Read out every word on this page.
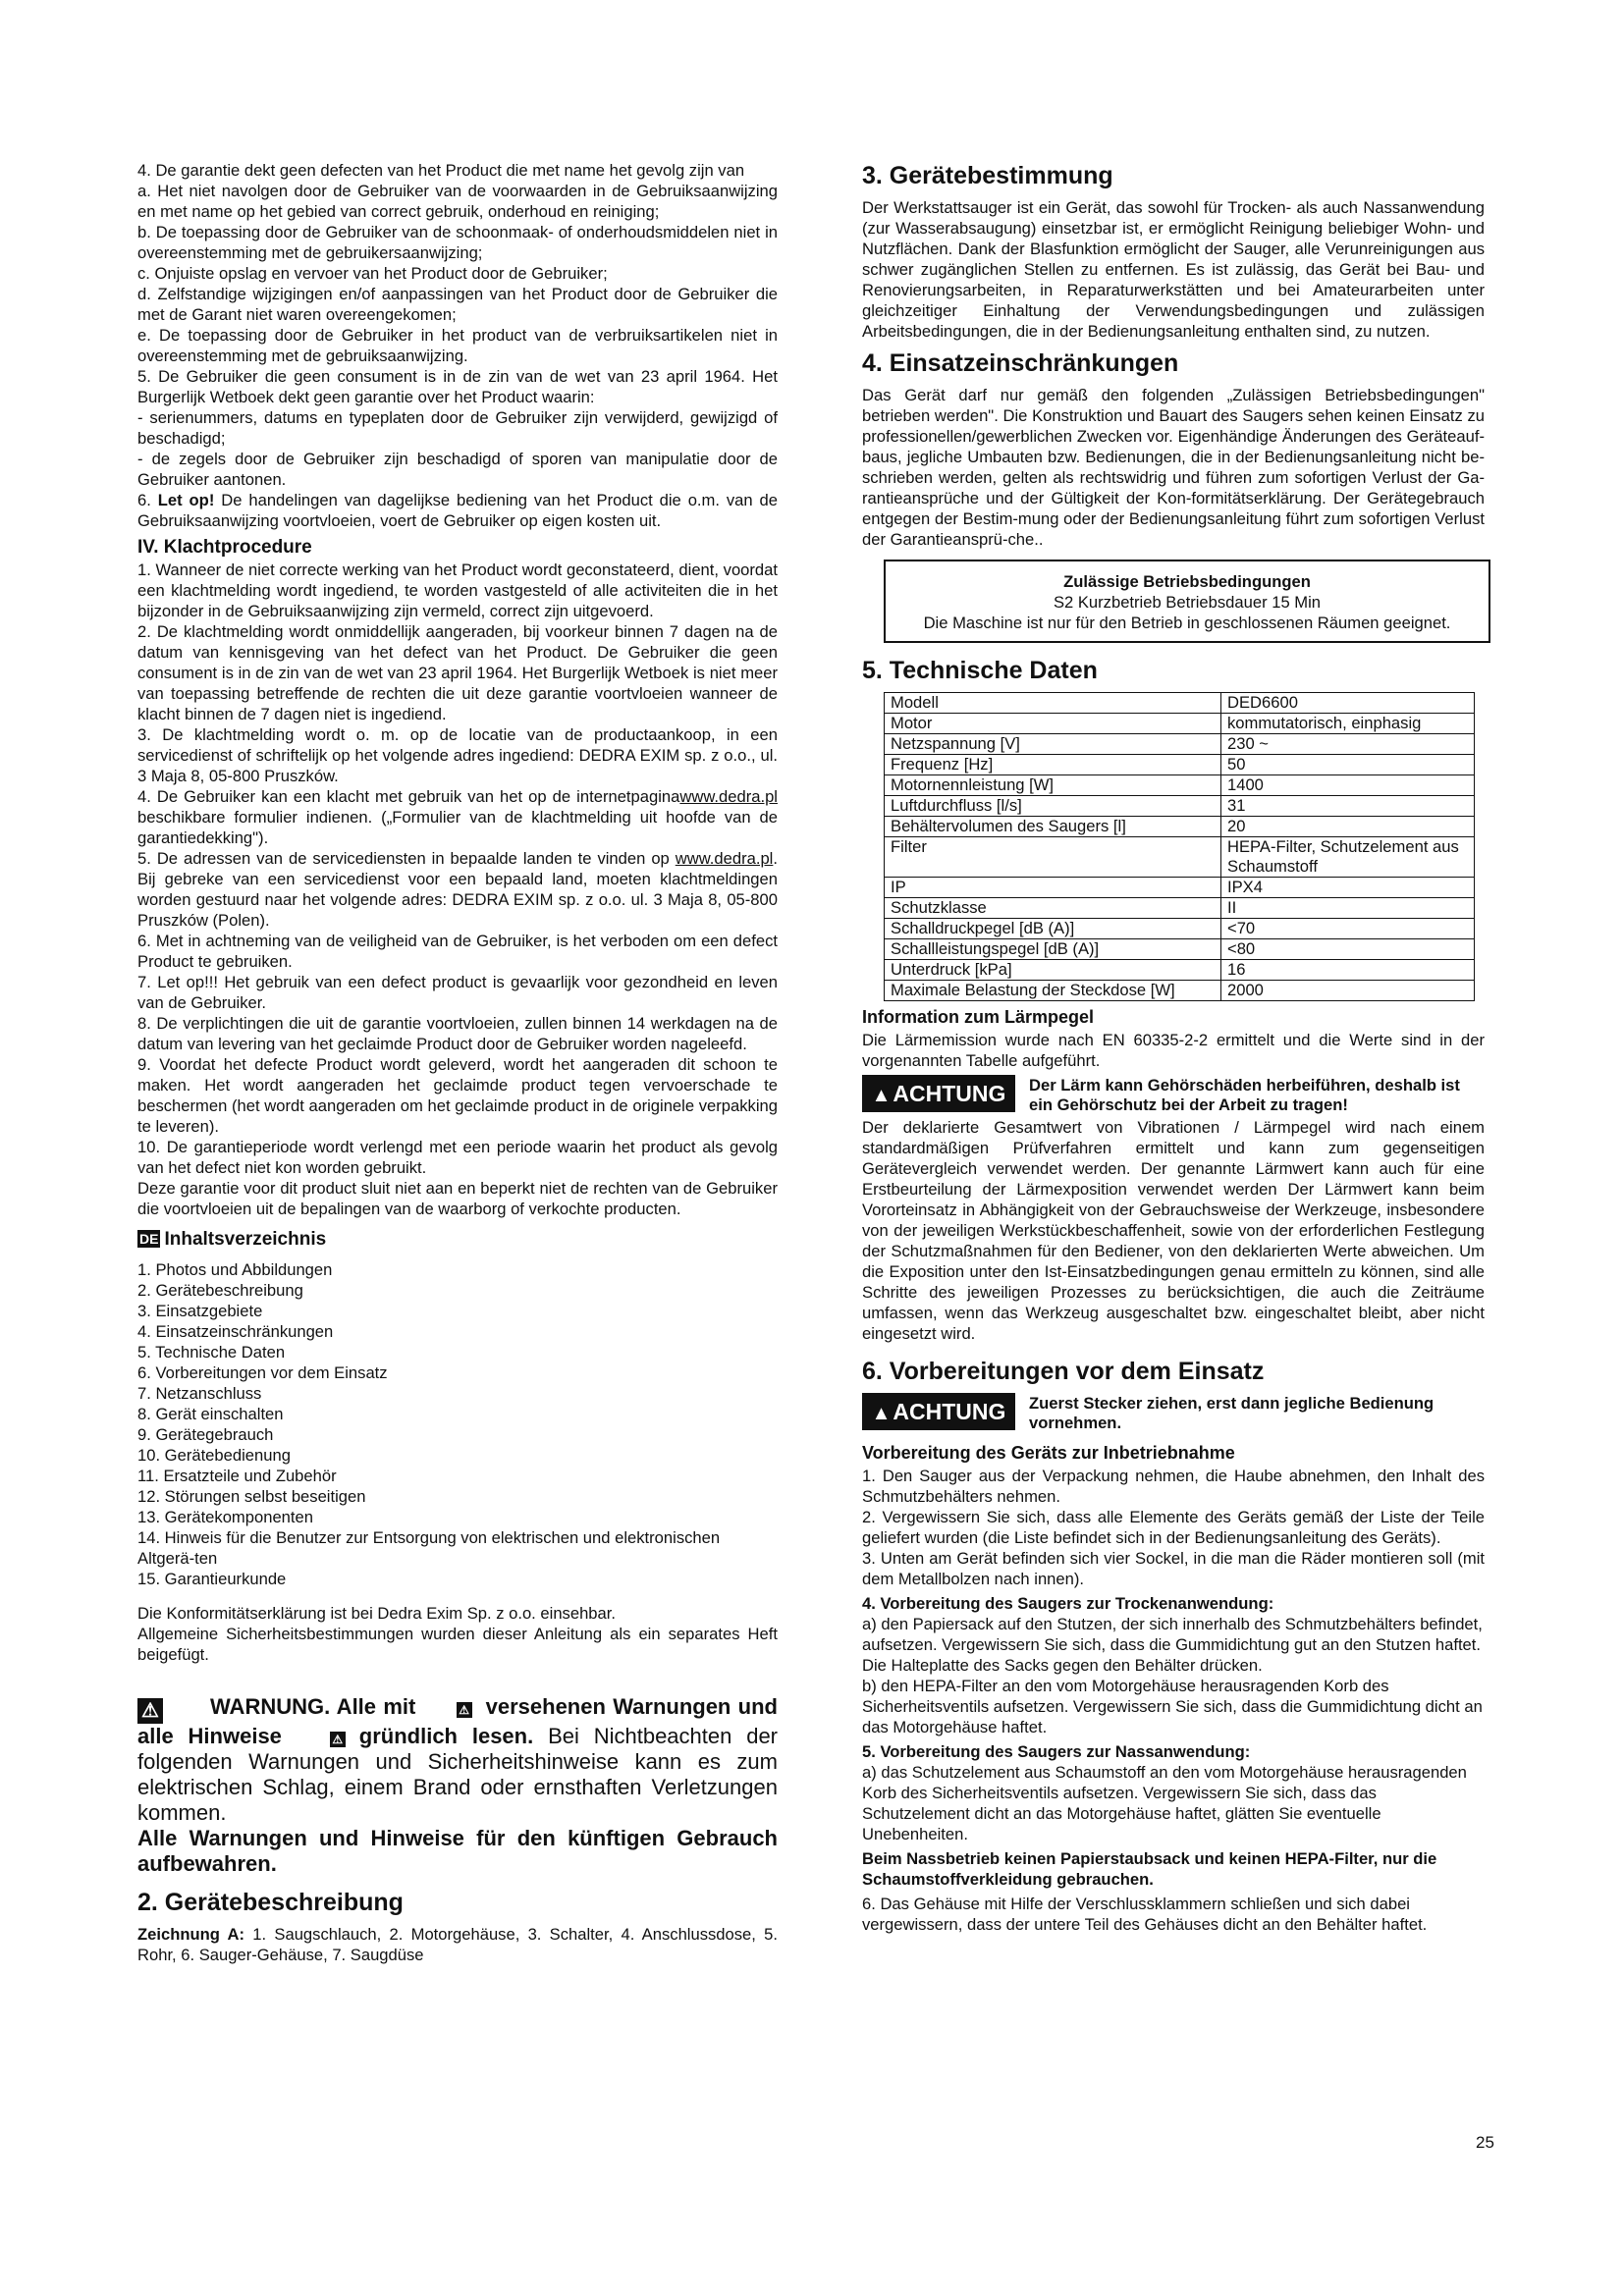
4. De garantie dekt geen defecten van het Product die met name het gevolg zijn van

a. Het niet navolgen door de Gebruiker van de voorwaarden in de Gebruiksaanwijzing en met name op het gebied van correct gebruik, onderhoud en reiniging;

b. De toepassing door de Gebruiker van de schoonmaak- of onderhoudsmiddelen niet in overeenstemming met de gebruikersaanwijzing;

c. Onjuiste opslag en vervoer van het Product door de Gebruiker;

d. Zelfstandige wijzigingen en/of aanpassingen van het Product door de Gebruiker die met de Garant niet waren overeengekomen;

e. De toepassing door de Gebruiker in het product van de verbruiksartikelen niet in overeenstemming met de gebruiksaanwijzing.

5. De Gebruiker die geen consument is in de zin van de wet van 23 april 1964. Het Burgerlijk Wetboek dekt geen garantie over het Product waarin:

- serienummers, datums en typeplaten door de Gebruiker zijn verwijderd, gewijzigd of beschadigd;

- de zegels door de Gebruiker zijn beschadigd of sporen van manipulatie door de Gebruiker aantonen.

6. Let op! De handelingen van dagelijkse bediening van het Product die o.m. van de Gebruiksaanwijzing voortvloeien, voert de Gebruiker op eigen kosten uit.

IV. Klachtprocedure

1. Wanneer de niet correcte werking van het Product wordt geconstateerd, dient, voordat een klachtmelding wordt ingediend, te worden vastgesteld of alle activiteiten die in het bijzonder in de Gebruiksaanwijzing zijn vermeld, correct zijn uitgevoerd.

2. De klachtmelding wordt onmiddellijk aangeraden, bij voorkeur binnen 7 dagen na de datum van kennisgeving van het defect van het Product. De Gebruiker die geen consument is in de zin van de wet van 23 april 1964. Het Burgerlijk Wetboek is niet meer van toepassing betreffende de rechten die uit deze garantie voortvloeien wanneer de klacht binnen de 7 dagen niet is ingediend.

3. De klachtmelding wordt o. m. op de locatie van de productaankoop, in een servicedienst of schriftelijk op het volgende adres ingediend: DEDRA EXIM sp. z o.o., ul. 3 Maja 8, 05-800 Pruszków.

4. De Gebruiker kan een klacht met gebruik van het op de internetpaginawww.dedra.pl beschikbare formulier indienen. („Formulier van de klachtmelding uit hoofde van de garantiedekking").

5. De adressen van de servicediensten in bepaalde landen te vinden op www.dedra.pl. Bij gebreke van een servicedienst voor een bepaald land, moeten klachtmeldingen worden gestuurd naar het volgende adres: DEDRA EXIM sp. z o.o. ul. 3 Maja 8, 05-800 Pruszków (Polen).

6. Met in achtneming van de veiligheid van de Gebruiker, is het verboden om een defect Product te gebruiken.

7. Let op!!! Het gebruik van een defect product is gevaarlijk voor gezondheid en leven van de Gebruiker.

8. De verplichtingen die uit de garantie voortvloeien, zullen binnen 14 werkdagen na de datum van levering van het geclaimde Product door de Gebruiker worden nageleefd.

9. Voordat het defecte Product wordt geleverd, wordt het aangeraden dit schoon te maken. Het wordt aangeraden het geclaimde product tegen vervoerschade te beschermen (het wordt aangeraden om het geclaimde product in de originele verpakking te leveren).

10. De garantieperiode wordt verlengd met een periode waarin het product als gevolg van het defect niet kon worden gebruikt.

Deze garantie voor dit product sluit niet aan en beperkt niet de rechten van de Gebruiker die voortvloeien uit de bepalingen van de waarborg of verkochte producten.

DE Inhaltsverzeichnis

1. Photos und Abbildungen

2. Gerätebeschreibung

3. Einsatzgebiete

4. Einsatzeinschränkungen

5. Technische Daten

6. Vorbereitungen vor dem Einsatz

7. Netzanschluss

8. Gerät einschalten

9. Gerätegebrauch

10. Gerätebedienung

11. Ersatzteile und Zubehör

12. Störungen selbst beseitigen

13. Gerätekomponenten

14. Hinweis für die Benutzer zur Entsorgung von elektrischen und elektronischen Altgerä-ten

15. Garantieurkunde

Die Konformitätserklärung ist bei Dedra Exim Sp. z o.o. einsehbar.

Allgemeine Sicherheitsbestimmungen wurden dieser Anleitung als ein separates Heft beigefügt.

⚠ WARNUNG. Alle mit	⚠ versehenen Warnungen und alle Hinweise	⚠ gründlich lesen. Bei Nichtbeachten der folgenden Warnungen und Sicherheitshinweise kann es zum elektrischen Schlag, einem Brand oder ernsthaften Verletzungen kommen.
Alle Warnungen und Hinweise für den künftigen Gebrauch aufbewahren.

2. Gerätebeschreibung

Zeichnung A: 1. Saugschlauch, 2. Motorgehäuse, 3. Schalter, 4. Anschlussdose, 5. Rohr, 6. Sauger-Gehäuse, 7. Saugdüse

3. Gerätebestimmung

Der Werkstattsauger ist ein Gerät, das sowohl für Trocken- als auch Nassanwendung (zur Wasserabsaugung) einsetzbar ist, er ermöglicht Reinigung beliebiger Wohn- und Nutzflächen. Dank der Blasfunktion ermöglicht der Sauger, alle Verunreinigungen aus schwer zugänglichen Stellen zu entfernen. Es ist zulässig, das Gerät bei Bau- und Renovierungsarbeiten, in Reparaturwerkstätten und bei Amateurarbeiten unter gleichzeitiger Einhaltung der Verwendungsbedingungen und zulässigen Arbeitsbedingungen, die in der Bedienungsanleitung enthalten sind, zu nutzen.

4. Einsatzeinschränkungen

Das Gerät darf nur gemäß den folgenden „Zulässigen Betriebsbedingungen" betrieben werden". Die Konstruktion und Bauart des Saugers sehen keinen Einsatz zu professionellen/gewerblichen Zwecken vor. Eigenhändige Änderungen des Geräteauf-baus, jegliche Umbauten bzw. Bedienungen, die in der Bedienungsanleitung nicht be-schrieben werden, gelten als rechtswidrig und führen zum sofortigen Verlust der Ga-rantieansprüche und der Gültigkeit der Kon-formitätserklärung. Der Gerätegebrauch entgegen der Bestim-mung oder der Bedienungsanleitung führt zum sofortigen Verlust der Garantieansprü-che..

Zulässige Betriebsbedingungen

S2 Kurzbetrieb Betriebsdauer 15 Min

Die Maschine ist nur für den Betrieb in geschlossenen Räumen geeignet.

5. Technische Daten

Modell	DED6600
Motor	kommutatorisch, einphasig
Netzspannung [V]	230 ~
Frequenz [Hz]	50
Motornennleistung [W]	1400
Luftdurchfluss [l/s]	31
Behältervolumen des Saugers [l]	20
Filter	HEPA-Filter, Schutzelement aus Schaumstoff
IP	IPX4
Schutzklasse	II
Schalldruckpegel [dB (A)]	<70
Schallleistungspegel [dB (A)]	<80
Unterdruck [kPa]	16
Maximale Belastung der Steckdose [W]	2000

Information zum Lärmpegel

Die Lärmemission wurde nach EN 60335-2-2 ermittelt und die Werte sind in der vorgenannten Tabelle aufgeführt.

▲ACHTUNG	Der Lärm kann Gehörschäden herbeiführen, deshalb ist ein Gehörschutz bei der Arbeit zu tragen!

Der deklarierte Gesamtwert von Vibrationen / Lärmpegel wird nach einem standardmäßigen Prüfverfahren ermittelt und kann zum gegenseitigen Gerätevergleich verwendet werden. Der genannte Lärmwert kann auch für eine Erstbeurteilung der Lärmexposition verwendet werden Der Lärmwert kann beim Vororteinsatz in Abhängigkeit von der Gebrauchsweise der Werkzeuge, insbesondere von der jeweiligen Werkstückbeschaffenheit, sowie von der erforderlichen Festlegung der Schutzmaßnahmen für den Bediener, von den deklarierten Werte abweichen. Um die Exposition unter den Ist-Einsatzbedingungen genau ermitteln zu können, sind alle Schritte des jeweiligen Prozesses zu berücksichtigen, die auch die Zeiträume umfassen, wenn das Werkzeug ausgeschaltet bzw. eingeschaltet bleibt, aber nicht eingesetzt wird.

6. Vorbereitungen vor dem Einsatz

▲ACHTUNG	Zuerst Stecker ziehen, erst dann jegliche Bedienung vornehmen.

Vorbereitung des Geräts zur Inbetriebnahme

1. Den Sauger aus der Verpackung nehmen, die Haube abnehmen, den Inhalt des Schmutzbehälters nehmen.

2. Vergewissern Sie sich, dass alle Elemente des Geräts gemäß der Liste der Teile geliefert wurden (die Liste befindet sich in der Bedienungsanleitung des Geräts).

3. Unten am Gerät befinden sich vier Sockel, in die man die Räder montieren soll (mit dem Metallbolzen nach innen).

4. Vorbereitung des Saugers zur Trockenanwendung:

a) den Papiersack auf den Stutzen, der sich innerhalb des Schmutzbehälters befindet, aufsetzen. Vergewissern Sie sich, dass die Gummidichtung gut an den Stutzen haftet. Die Halteplatte des Sacks gegen den Behälter drücken.

b) den HEPA-Filter an den vom Motorgehäuse herausragenden Korb des Sicherheitsventils aufsetzen. Vergewissern Sie sich, dass die Gummidichtung dicht an das Motorgehäuse haftet.

5. Vorbereitung des Saugers zur Nassanwendung:

a) das Schutzelement aus Schaumstoff an den vom Motorgehäuse herausragenden Korb des Sicherheitsventils aufsetzen. Vergewissern Sie sich, dass das Schutzelement dicht an das Motorgehäuse haftet, glätten Sie eventuelle Unebenheiten.

Beim Nassbetrieb keinen Papierstaubsack und keinen HEPA-Filter, nur die Schaumstoffverkleidung gebrauchen.

6. Das Gehäuse mit Hilfe der Verschlussklammern schließen und sich dabei vergewissern, dass der untere Teil des Gehäuses dicht an den Behälter haftet.

25
